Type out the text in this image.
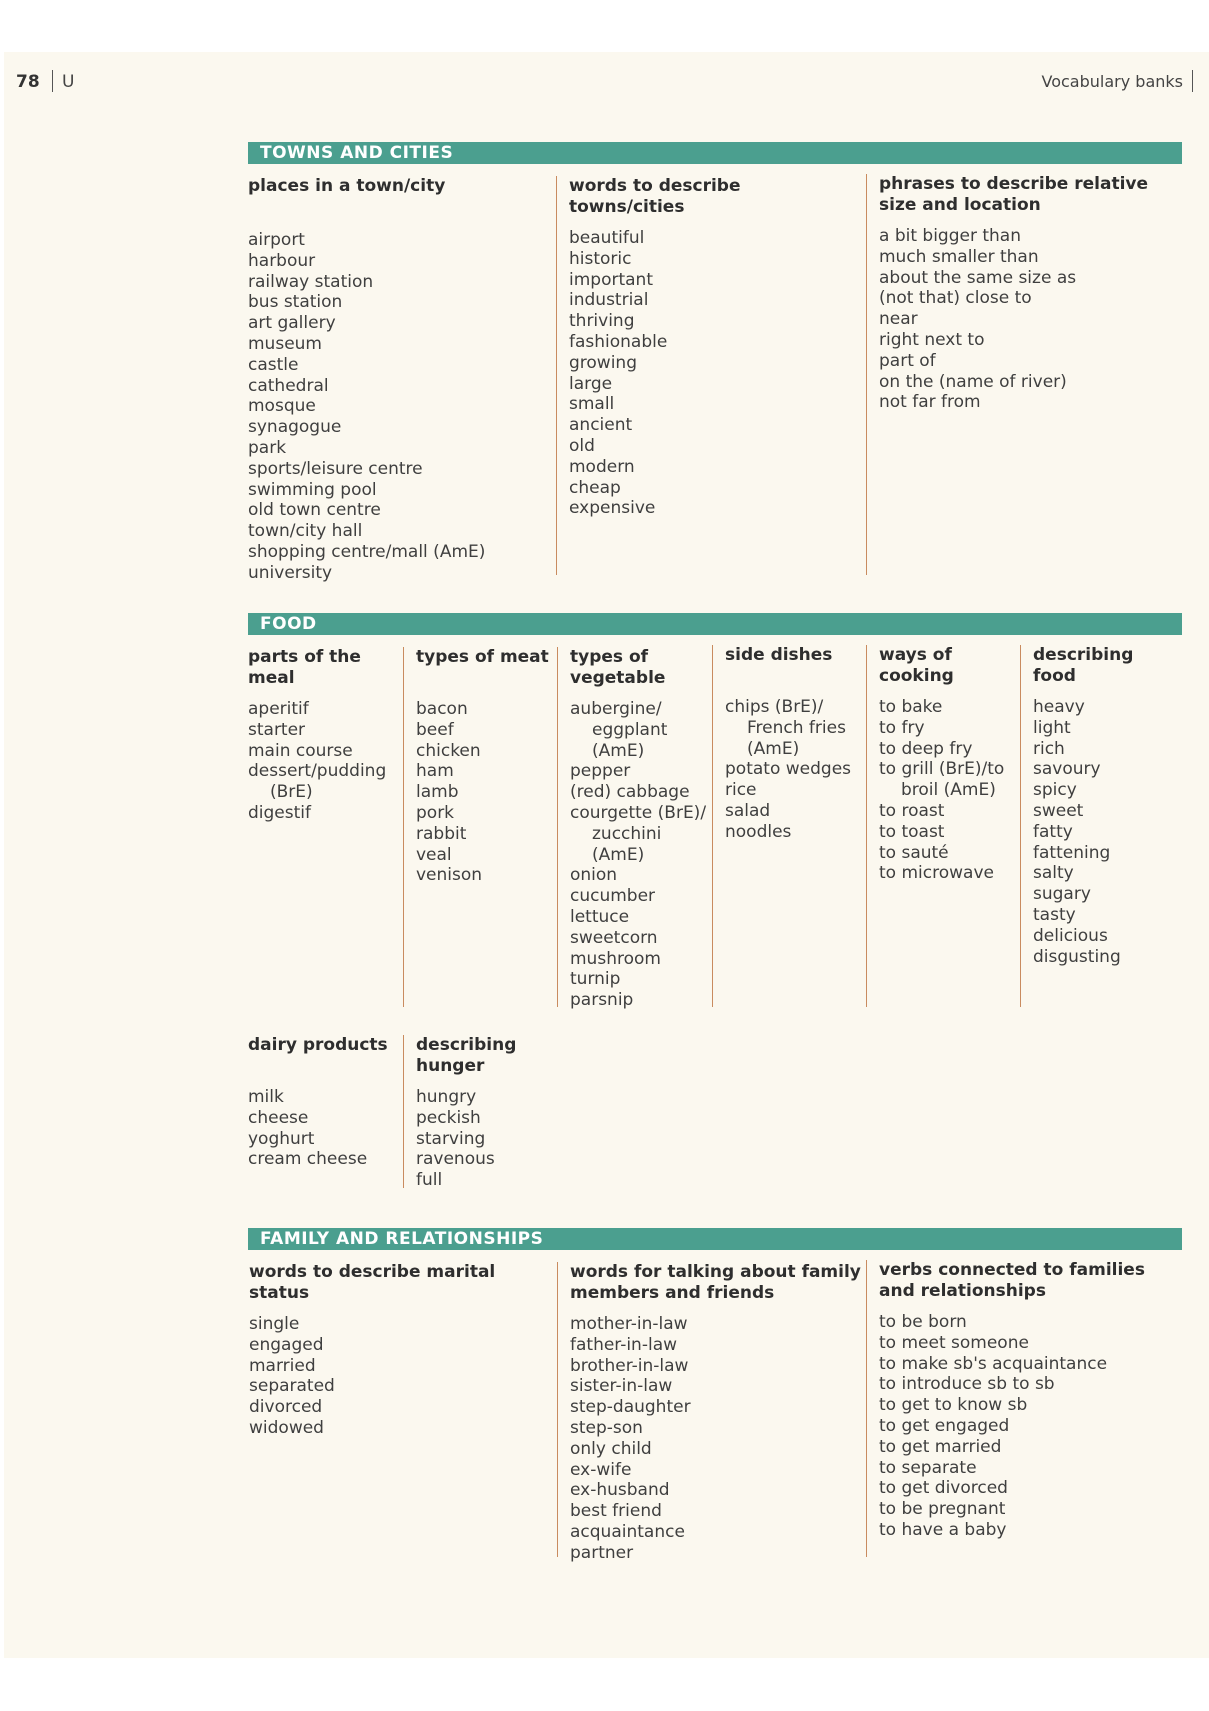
78 U	Vocabulary banks
TOWNS AND CITIES
places in a town/city
airport
harbour
railway station
bus station
art gallery
museum
castle
cathedral
mosque
synagogue
park
sports/leisure centre
swimming pool
old town centre
town/city hall
shopping centre/mall (AmE)
university
words to describe
towns/cities
beautiful
historic
important
industrial
thriving
fashionable
growing
large
small
ancient
old
modern
cheap
expensive
phrases to describe relative
size and location
a bit bigger than
much smaller than
about the same size as
(not that) close to
near
right next to
part of
on the (name of river)
not far from
FOOD
parts of the
meal
aperitif
starter
main course
dessert/pudding
(BrE)
digestif
types of meat
bacon
beef
chicken
ham
lamb
pork
rabbit
veal
venison
types of
vegetable
aubergine/
eggplant
(AmE)
pepper
(red) cabbage
courgette (BrE)/
zucchini
(AmE)
onion
cucumber
lettuce
sweetcorn
mushroom
turnip
parsnip
side dishes
chips (BrE)/
French fries
(AmE)
potato wedges
rice
salad
noodles
ways of
cooking
to bake
to fry
to deep fry
to grill (BrE)/to
broil (AmE)
to roast
to toast
to sauté
to microwave
describing
food
heavy
light
rich
savoury
spicy
sweet
fatty
fattening
salty
sugary
tasty
delicious
disgusting
dairy products
milk
cheese
yoghurt
cream cheese
describing
hunger
hungry
peckish
starving
ravenous
full
FAMILY AND RELATIONSHIPS
words to describe marital
status
single
engaged
married
separated
divorced
widowed
words for talking about family
members and friends
mother-in-law
father-in-law
brother-in-law
sister-in-law
step-daughter
step-son
only child
ex-wife
ex-husband
best friend
acquaintance
partner
verbs connected to families
and relationships
to be born
to meet someone
to make sb's acquaintance
to introduce sb to sb
to get to know sb
to get engaged
to get married
to separate
to get divorced
to be pregnant
to have a baby
